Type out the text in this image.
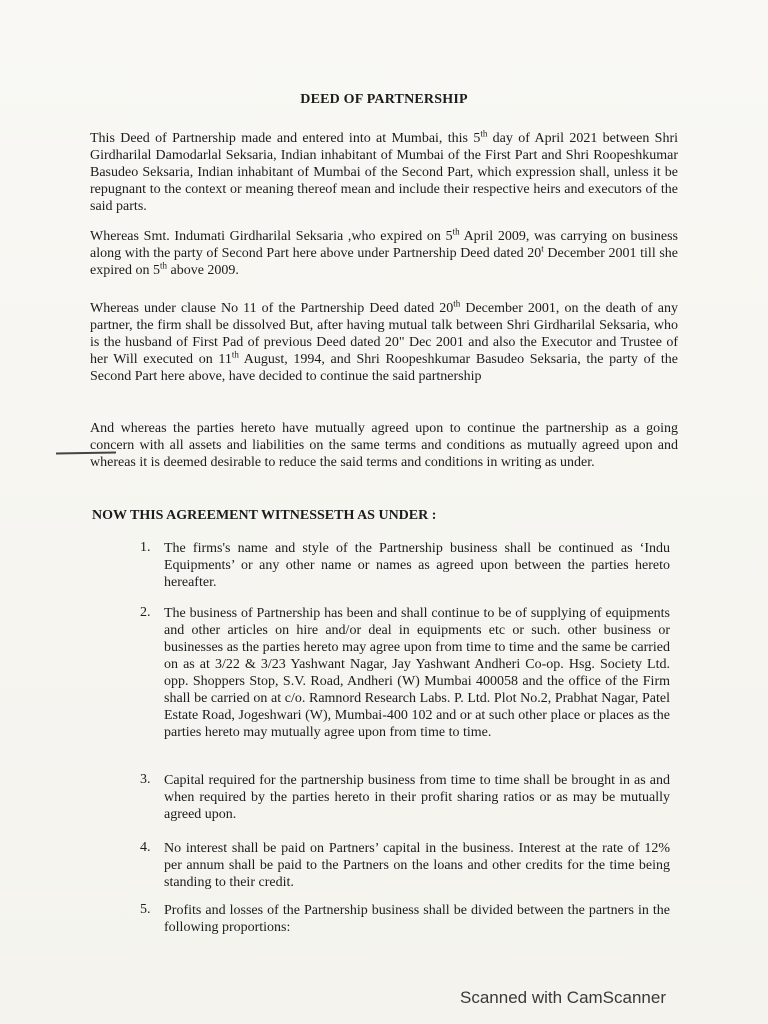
DEED OF PARTNERSHIP
This Deed of Partnership made and entered into at Mumbai, this 5th day of April 2021 between Shri Girdharilal Damodarlal Seksaria, Indian inhabitant of Mumbai of the First Part and Shri Roopeshkumar Basudeo Seksaria, Indian inhabitant of Mumbai of the Second Part, which expression shall, unless it be repugnant to the context or meaning thereof mean and include their respective heirs and executors of the said parts.
Whereas Smt. Indumati Girdharilal Seksaria ,who expired on 5th April 2009, was carrying on business along with the party of Second Part here above under Partnership Deed dated 20$^t$ December 2001 till she expired on 5th above 2009.
Whereas under clause No 11 of the Partnership Deed dated 20th December 2001, on the death of any partner, the firm shall be dissolved But, after having mutual talk between Shri Girdharilal Seksaria, who is the husband of First Pad of previous Deed dated 20" Dec 2001 and also the Executor and Trustee of her Will executed on 11th August, 1994, and Shri Roopeshkumar Basudeo Seksaria, the party of the Second Part here above, have decided to continue the said partnership
And whereas the parties hereto have mutually agreed upon to continue the partnership as a going concern with all assets and liabilities on the same terms and conditions as mutually agreed upon and whereas it is deemed desirable to reduce the said terms and conditions in writing as under.
NOW THIS AGREEMENT WITNESSETH AS UNDER :
1. The firms's name and style of the Partnership business shall be continued as ‘Indu Equipments’ or any other name or names as agreed upon between the parties hereto hereafter.
2. The business of Partnership has been and shall continue to be of supplying of equipments and other articles on hire and/or deal in equipments etc or such. other business or businesses as the parties hereto may agree upon from time to time and the same be carried on as at 3/22 & 3/23 Yashwant Nagar, Jay Yashwant Andheri Co-op. Hsg. Society Ltd. opp. Shoppers Stop, S.V. Road, Andheri (W) Mumbai 400058 and the office of the Firm shall be carried on at c/o. Ramnord Research Labs. P. Ltd. Plot No.2, Prabhat Nagar, Patel Estate Road, Jogeshwari (W), Mumbai-400 102 and or at such other place or places as the parties hereto may mutually agree upon from time to time.
3. Capital required for the partnership business from time to time shall be brought in as and when required by the parties hereto in their profit sharing ratios or as may be mutually agreed upon.
4. No interest shall be paid on Partners’ capital in the business. Interest at the rate of 12% per annum shall be paid to the Partners on the loans and other credits for the time being standing to their credit.
5. Profits and losses of the Partnership business shall be divided between the partners in the following proportions:
Scanned with CamScanner
